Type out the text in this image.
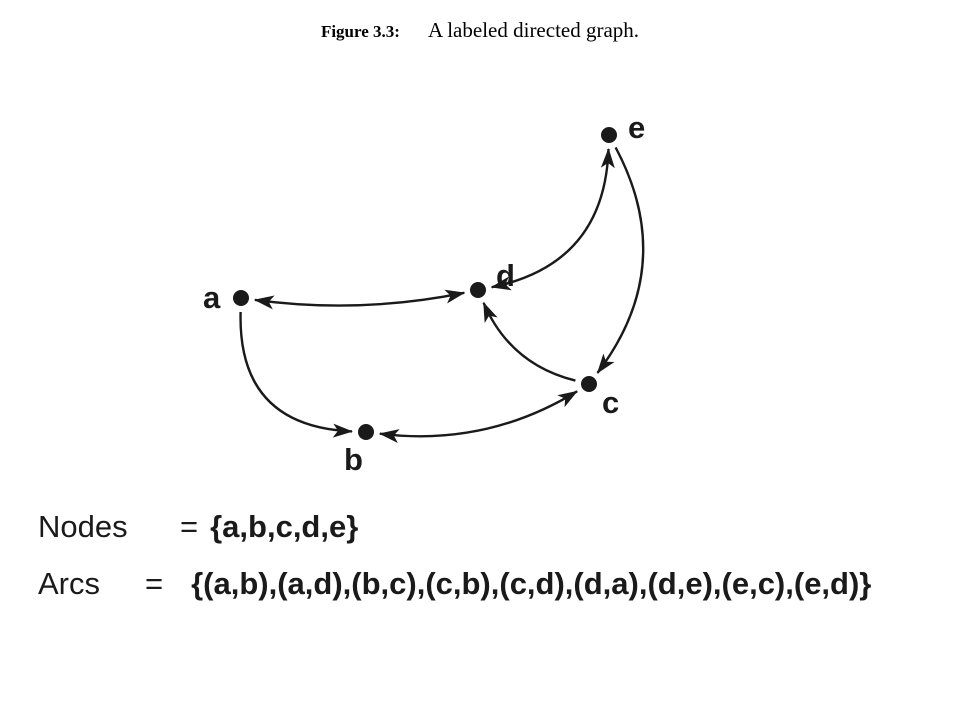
Figure 3.3: A labeled directed graph.
a
b
c
d
e
Nodes = {a,b,c,d,e}
Arcs = {(a,b),(a,d),(b,c),(c,b),(c,d),(d,a),(d,e),(e,c),(e,d)}
